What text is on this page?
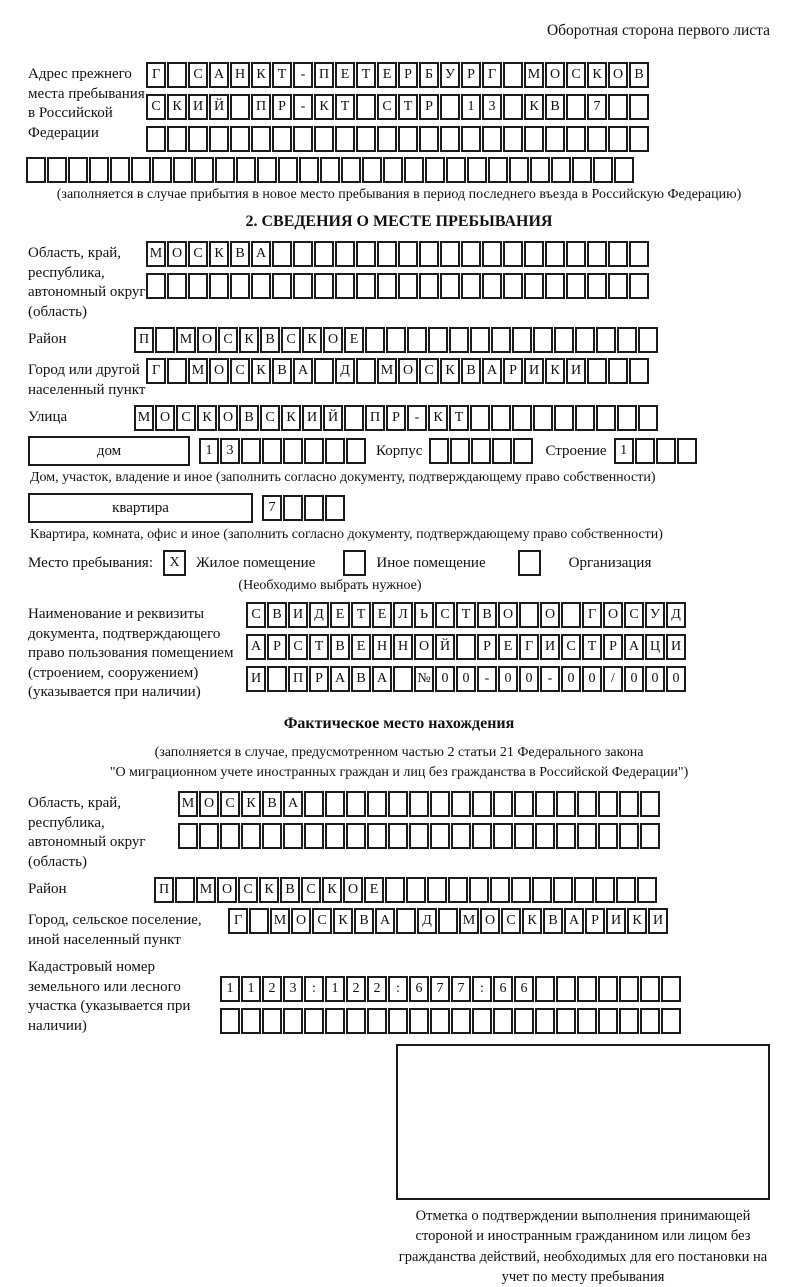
Оборотная сторона первого листа
Адрес прежнего места пребывания в Российской Федерации
Г	С А Н К Т	- П Е Т Е Р Б У Р Г	М О С К О В
С К И Й	П Р	-	К Т	С Т Р	1	3	К В	7
(заполняется в случае прибытия в новое место пребывания в период последнего въезда в Российскую Федерацию)
2. СВЕДЕНИЯ О МЕСТЕ ПРЕБЫВАНИЯ
Область, край, республика, автономный округ (область)
М О С К В А
Район	П	М О С К В С К О Е
Город или другой населенный пункт
Г	М О С К В А	Д	М О С К В А Р И К И
Улица	М О С К О В С К И Й	П Р	-	К Т
дом	1	3	Корпус	Строение 1
Дом, участок, владение и иное (заполнить согласно документу, подтверждающему право собственности)
квартира	7
Квартира, комната, офис и иное (заполнить согласно документу, подтверждающему право собственности)
Место пребывания:	X	Жилое помещение	Иное помещение	Организация
(Необходимо выбрать нужное)
Наименование и реквизиты документа, подтверждающего право пользования помещением (строением, сооружением) (указывается при наличии)
С В И Д Е Т Е Л Ь С Т В О	О	Г О С У Д
А Р С Т В Е Н Н О Й	Р Е Г И С Т Р А Ц И
И	П Р А В А	№ 0	0	-	0	0	-	0	0	/	0	0	0
Фактическое место нахождения
(заполняется в случае, предусмотренном частью 2 статьи 21 Федерального закона
"О миграционном учете иностранных граждан и лиц без гражданства в Российской Федерации")
Область, край, республика, автономный округ (область)
М О С К В А
Район	П	М О С К В С К О Е
Город, сельское поселение, иной населенный пункт
Г	М О С К В А	Д	М О С К В А Р И К И
Кадастровый номер земельного или лесного участка (указывается при наличии)
1	1	2	3	:	1	2	2	:	6	7	7	:	6	6
Отметка о подтверждении выполнения принимающей стороной и иностранным гражданином или лицом без гражданства действий, необходимых для его постановки на учет по месту пребывания
